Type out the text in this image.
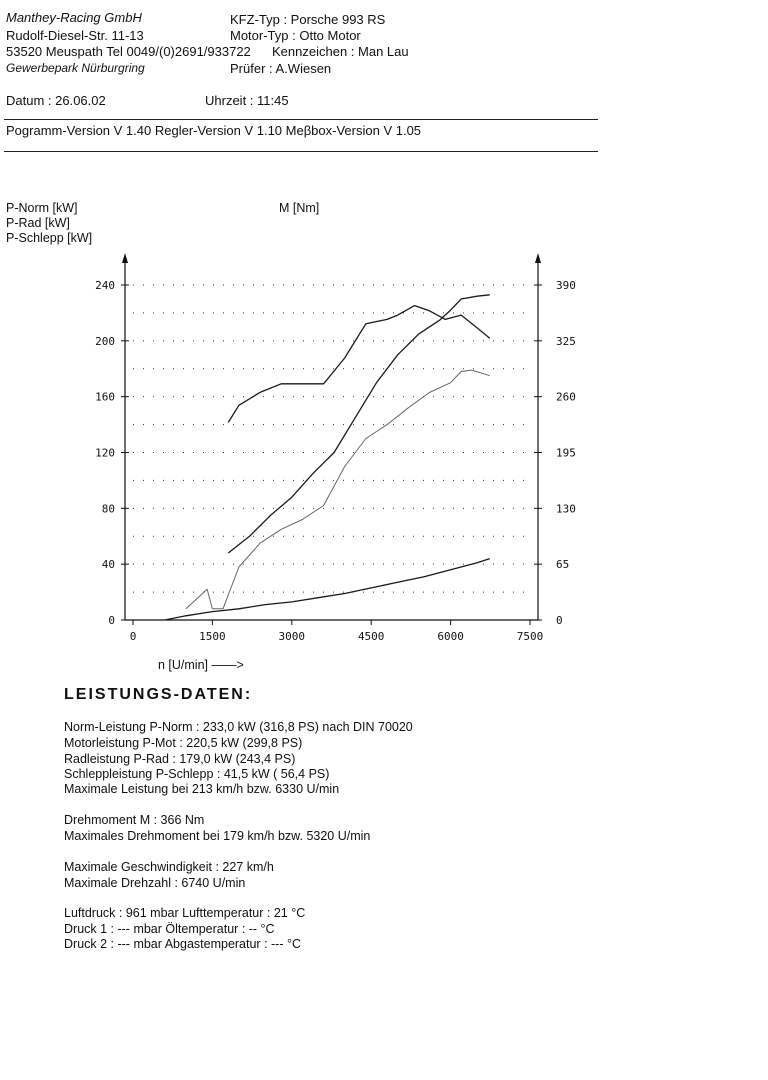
Manthey-Racing GmbH
Rudolf-Diesel-Str. 11-13
53520 Meuspath Tel 0049/(0)2691/933722
Gewerbepark Nürburgring
KFZ-Typ : Porsche 993 RS
Motor-Typ : Otto Motor
Kennzeichen : Man Lau
Prüfer : A.Wiesen
Datum : 26.06.02	Uhrzeit : 11:45
Pogramm-Version V 1.40 Regler-Version V 1.10 Meβbox-Version V 1.05
P-Norm [kW]
P-Rad [kW]
P-Schlepp [kW]
M [Nm]
n [U/min] ——>
0
40
80
120
160
200
240
0
65
130
195
260
325
390
0	1500	3000	4500	6000	7500
LEISTUNGS-DATEN:
Norm-Leistung P-Norm : 233,0 kW (316,8 PS) nach DIN 70020
Motorleistung P-Mot : 220,5 kW (299,8 PS)
Radleistung P-Rad : 179,0 kW (243,4 PS)
Schleppleistung P-Schlepp : 41,5 kW ( 56,4 PS)
Maximale Leistung bei 213 km/h bzw. 6330 U/min
Drehmoment M : 366 Nm
Maximales Drehmoment bei 179 km/h bzw. 5320 U/min
Maximale Geschwindigkeit : 227 km/h
Maximale Drehzahl : 6740 U/min
Luftdruck : 961 mbar Lufttemperatur : 21 °C
Druck 1 : --- mbar Öltemperatur : -- °C
Druck 2 : --- mbar Abgastemperatur : --- °C
